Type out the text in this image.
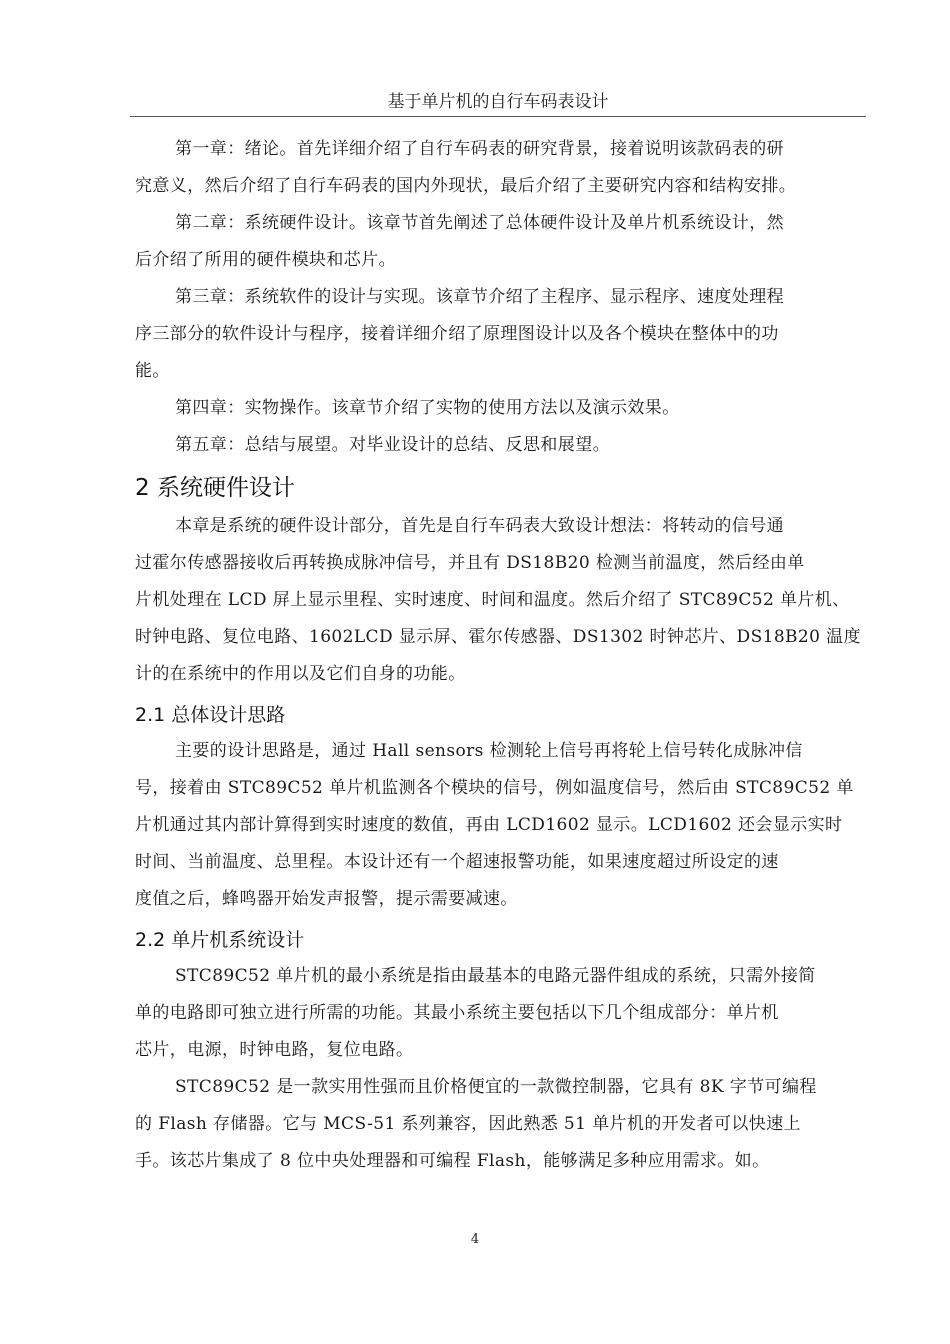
基于单片机的自行车码表设计

第一章：绪论。首先详细介绍了自行车码表的研究背景，接着说明该款码表的研
究意义，然后介绍了自行车码表的国内外现状，最后介绍了主要研究内容和结构安排。

第二章：系统硬件设计。该章节首先阐述了总体硬件设计及单片机系统设计，然
后介绍了所用的硬件模块和芯片。

第三章：系统软件的设计与实现。该章节介绍了主程序、显示程序、速度处理程
序三部分的软件设计与程序，接着详细介绍了原理图设计以及各个模块在整体中的功
能。

第四章：实物操作。该章节介绍了实物的使用方法以及演示效果。

第五章：总结与展望。对毕业设计的总结、反思和展望。

2 系统硬件设计

本章是系统的硬件设计部分，首先是自行车码表大致设计想法：将转动的信号通
过霍尔传感器接收后再转换成脉冲信号，并且有 DS18B20 检测当前温度，然后经由单
片机处理在 LCD 屏上显示里程、实时速度、时间和温度。然后介绍了 STC89C52 单片机、
时钟电路、复位电路、1602LCD 显示屏、霍尔传感器、DS1302 时钟芯片、DS18B20 温度
计的在系统中的作用以及它们自身的功能。

2.1 总体设计思路

主要的设计思路是，通过 Hall sensors 检测轮上信号再将轮上信号转化成脉冲信
号，接着由 STC89C52 单片机监测各个模块的信号，例如温度信号，然后由 STC89C52 单
片机通过其内部计算得到实时速度的数值，再由 LCD1602 显示。LCD1602 还会显示实时
时间、当前温度、总里程。本设计还有一个超速报警功能，如果速度超过所设定的速
度值之后，蜂鸣器开始发声报警，提示需要减速。

2.2 单片机系统设计

STC89C52 单片机的最小系统是指由最基本的电路元器件组成的系统，只需外接简
单的电路即可独立进行所需的功能。其最小系统主要包括以下几个组成部分：单片机
芯片，电源，时钟电路，复位电路。

STC89C52 是一款实用性强而且价格便宜的一款微控制器，它具有 8K 字节可编程
的 Flash 存储器。它与 MCS-51 系列兼容，因此熟悉 51 单片机的开发者可以快速上
手。该芯片集成了 8 位中央处理器和可编程 Flash，能够满足多种应用需求。如。

4
